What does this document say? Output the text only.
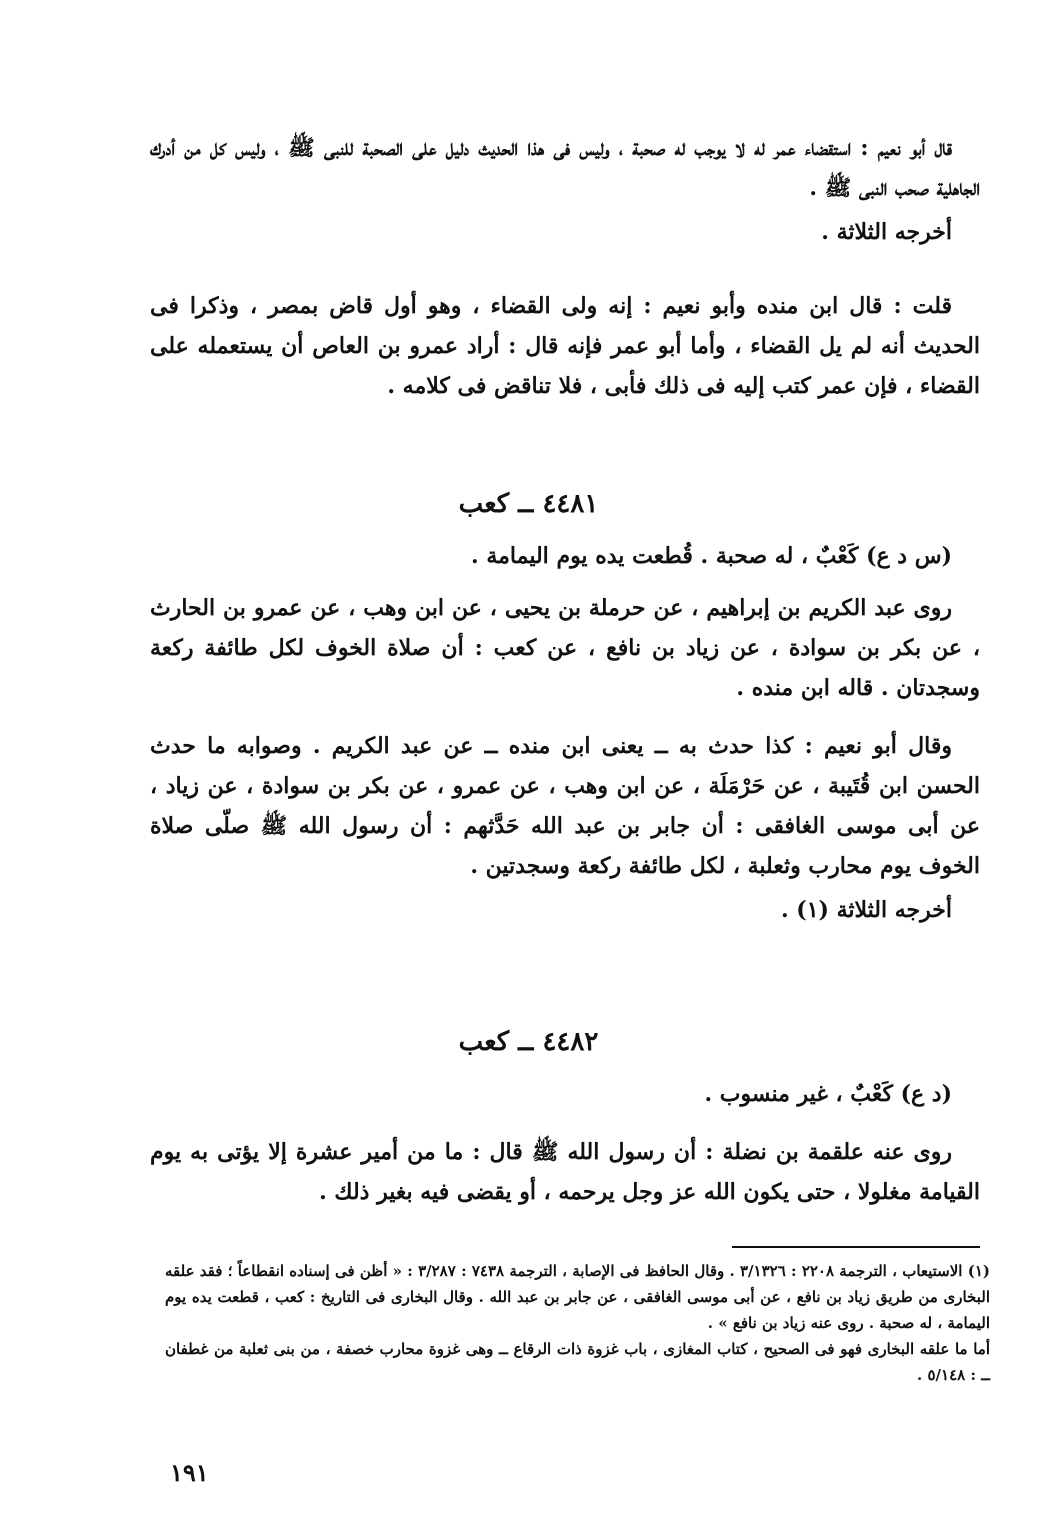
قال أبو نعيم : استقضاء عمر له لا يوجب له صحبة ، وليس فى هذا الحديث دليل على الصحبة للنبى ﷺ ، وليس كل من أدرك الجاهلية صحب النبى ﷺ .

أخرجه الثلاثة .

قلت : قال ابن منده وأبو نعيم : إنه ولى القضاء ، وهو أول قاض بمصر ، وذكرا فى الحديث أنه لم يل القضاء ، وأما أبو عمر فإنه قال : أراد عمرو بن العاص أن يستعمله على القضاء ، فإن عمر كتب إليه فى ذلك فأبى ، فلا تناقض فى كلامه .

٤٤٨١ ــ كعب

(س د ع) كَعْبٌ ، له صحبة . قُطعت يده يوم اليمامة .

روى عبد الكريم بن إبراهيم ، عن حرملة بن يحيى ، عن ابن وهب ، عن عمرو بن الحارث ، عن بكر بن سوادة ، عن زياد بن نافع ، عن كعب : أن صلاة الخوف لكل طائفة ركعة وسجدتان . قاله ابن منده .

وقال أبو نعيم : كذا حدث به ــ يعنى ابن منده ــ عن عبد الكريم . وصوابه ما حدث الحسن ابن قُتَيبة ، عن حَرْمَلَة ، عن ابن وهب ، عن عمرو ، عن بكر بن سوادة ، عن زياد ، عن أبى موسى الغافقى : أن جابر بن عبد الله حَدَّثهم : أن رسول الله ﷺ صلّى صلاة الخوف يوم محارب وثعلبة ، لكل طائفة ركعة وسجدتين .

أخرجه الثلاثة (١) .

٤٤٨٢ ــ كعب

(د ع) كَعْبٌ ، غير منسوب .

روى عنه علقمة بن نضلة : أن رسول الله ﷺ قال : ما من أمير عشرة إلا يؤتى به يوم القيامة مغلولا ، حتى يكون الله عز وجل يرحمه ، أو يقضى فيه بغير ذلك .

(١) الاستيعاب ، الترجمة ٢٢٠٨ : ٣/١٣٢٦ . وقال الحافظ فى الإصابة ، الترجمة ٧٤٣٨ : ٣/٢٨٧ : « أظن فى إسناده انقطاعاً ؛ فقد علقه البخارى من طريق زياد بن نافع ، عن أبى موسى الغافقى ، عن جابر بن عبد الله . وقال البخارى فى التاريخ : كعب ، قطعت يده يوم اليمامة ، له صحبة . روى عنه زياد بن نافع » .

أما ما علقه البخارى فهو فى الصحيح ، كتاب المغازى ، باب غزوة ذات الرقاع ــ وهى غزوة محارب خصفة ، من بنى ثعلبة من غطفان ــ : ٥/١٤٨ .

١٩١
